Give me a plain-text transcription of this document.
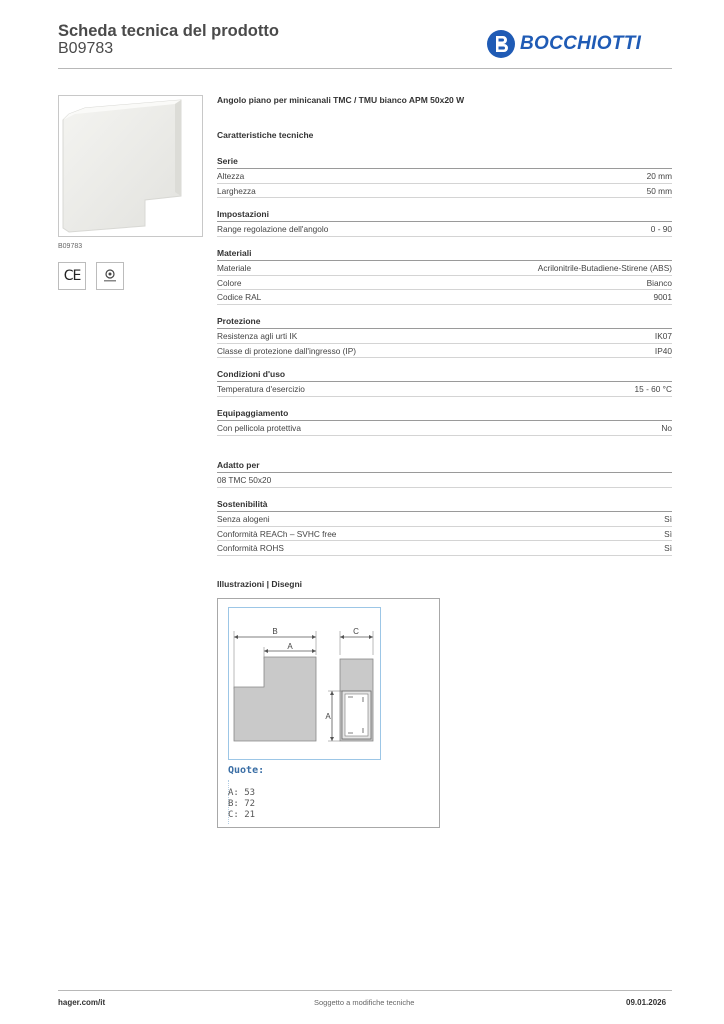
Scheda tecnica del prodotto
B09783	BOCCHIOTTI
B09783
CE
Angolo piano per minicanali TMC / TMU bianco APM 50x20 W
Caratteristiche tecniche
Serie
Altezza	20 mm
Larghezza	50 mm
Impostazioni
Range regolazione dell'angolo	0 - 90
Materiali
Materiale	Acrilonitrile-Butadiene-Stirene (ABS)
Colore	Bianco
Codice RAL	9001
Protezione
Resistenza agli urti IK	IK07
Classe di protezione dall'ingresso (IP)	IP40
Condizioni d'uso
Temperatura d'esercizio	15 - 60 °C
Equipaggiamento
Con pellicola protettiva	No
Adatto per
08 TMC 50x20
Sostenibilità
Senza alogeni	Sì
Conformità REACh – SVHC free	Sì
Conformità ROHS	Sì
Illustrazioni | Disegni
B
A
C
A
Quote:
A: 53
B: 72
C: 21
hager.com/it	Soggetto a modifiche tecniche	09.01.2026
